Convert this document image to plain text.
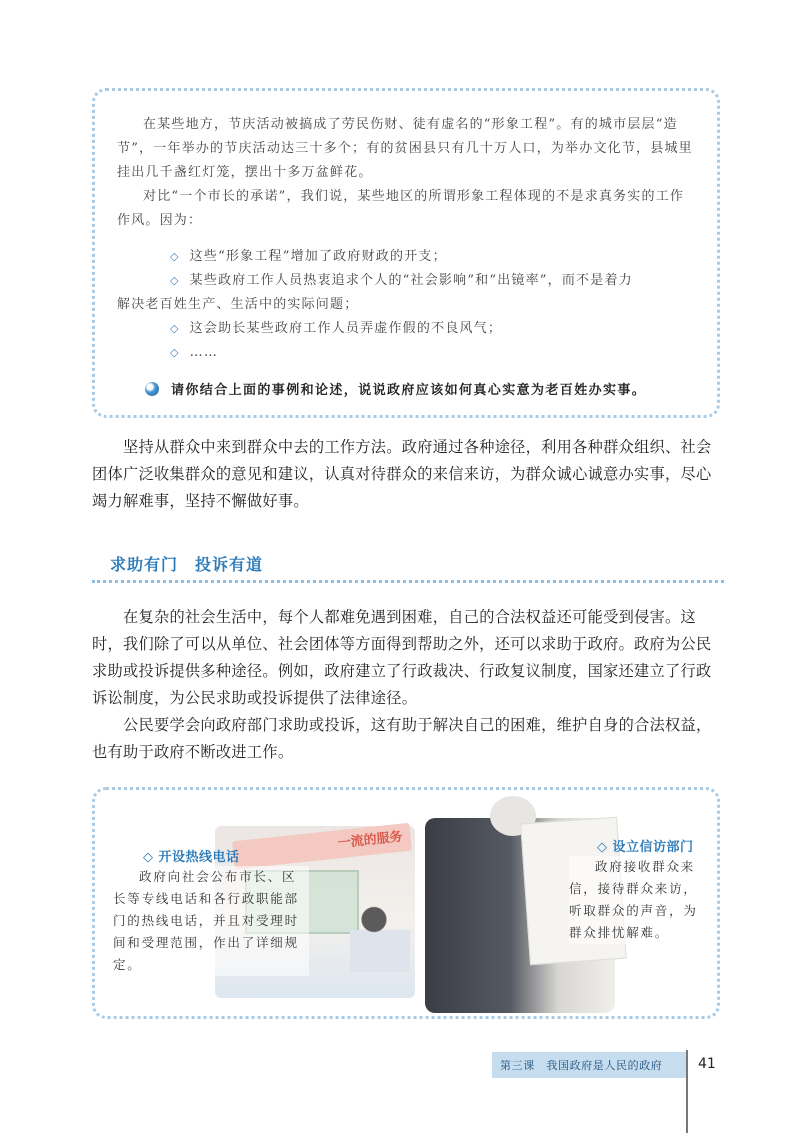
在某些地方，节庆活动被搞成了劳民伤财、徒有虚名的“形象工程”。有的城市层层“造节”，一年举办的节庆活动达三十多个；有的贫困县只有几十万人口，为举办文化节，县城里挂出几千盏红灯笼，摆出十多万盆鲜花。

对比“一个市长的承诺”，我们说，某些地区的所谓形象工程体现的不是求真务实的工作作风。因为：

◇ 这些“形象工程”增加了政府财政的开支；
◇ 某些政府工作人员热衷追求个人的“社会影响”和“出镜率”，而不是着力
解决老百姓生产、生活中的实际问题；
◇ 这会助长某些政府工作人员弄虚作假的不良风气；
◇ ……
请你结合上面的事例和论述，说说政府应该如何真心实意为老百姓办实事。

坚持从群众中来到群众中去的工作方法。政府通过各种途径，利用各种群众组织、社会团体广泛收集群众的意见和建议，认真对待群众的来信来访，为群众诚心诚意办实事，尽心竭力解难事，坚持不懈做好事。

求助有门　投诉有道

在复杂的社会生活中，每个人都难免遇到困难，自己的合法权益还可能受到侵害。这时，我们除了可以从单位、社会团体等方面得到帮助之外，还可以求助于政府。政府为公民求助或投诉提供多种途径。例如，政府建立了行政裁决、行政复议制度，国家还建立了行政诉讼制度，为公民求助或投诉提供了法律途径。

公民要学会向政府部门求助或投诉，这有助于解决自己的困难，维护自身的合法权益，也有助于政府不断改进工作。

一流的服务
◇ 开设热线电话

政府向社会公布市长、区长等专线电话和各行政职能部门的热线电话，并且对受理时间和受理范围，作出了详细规定。

◇ 设立信访部门

政府接收群众来信，接待群众来访，听取群众的声音，为群众排忧解难。

第三课　我国政府是人民的政府	41
